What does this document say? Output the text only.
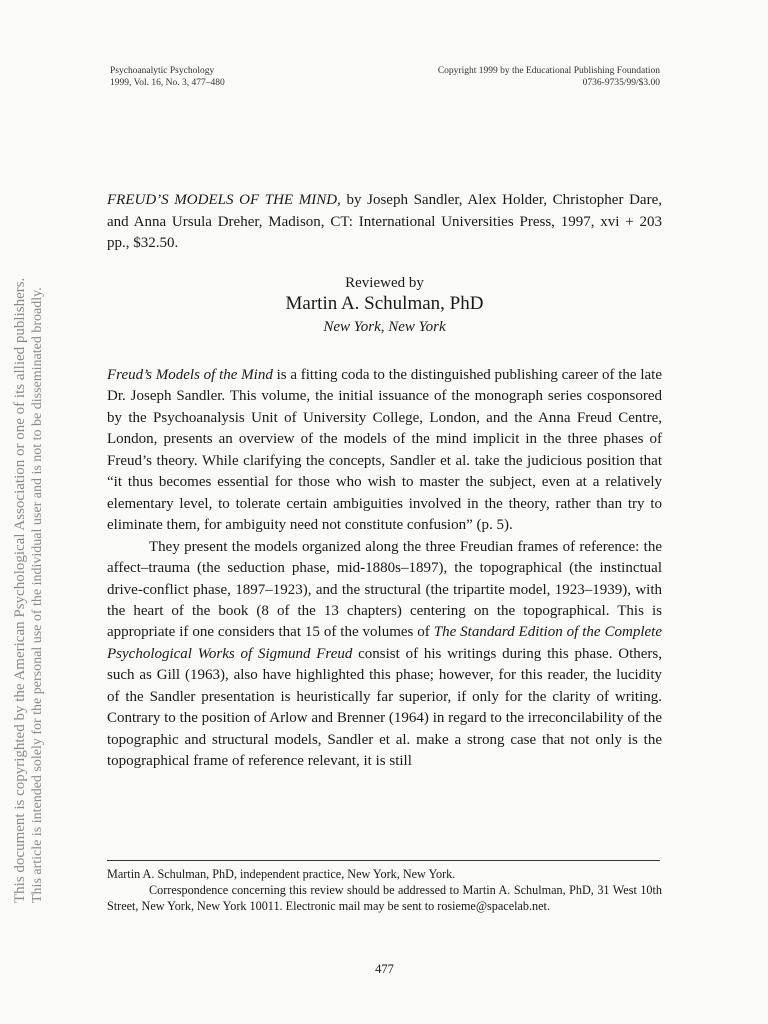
This document is copyrighted by the American Psychological Association or one of its allied publishers. This article is intended solely for the personal use of the individual user and is not to be disseminated broadly.
Psychoanalytic Psychology
1999, Vol. 16, No. 3, 477–480
Copyright 1999 by the Educational Publishing Foundation
0736-9735/99/$3.00
FREUD’S MODELS OF THE MIND, by Joseph Sandler, Alex Holder, Christopher Dare, and Anna Ursula Dreher, Madison, CT: International Universities Press, 1997, xvi + 203 pp., $32.50.
Reviewed by
Martin A. Schulman, PhD
New York, New York

Freud’s Models of the Mind is a fitting coda to the distinguished publishing career of the late Dr. Joseph Sandler. This volume, the initial issuance of the monograph series cosponsored by the Psychoanalysis Unit of University College, London, and the Anna Freud Centre, London, presents an overview of the models of the mind implicit in the three phases of Freud’s theory. While clarifying the concepts, Sandler et al. take the judicious position that “it thus becomes essential for those who wish to master the subject, even at a relatively elementary level, to tolerate certain ambiguities involved in the theory, rather than try to eliminate them, for ambiguity need not constitute confusion” (p. 5).

They present the models organized along the three Freudian frames of reference: the affect–trauma (the seduction phase, mid-1880s–1897), the topographical (the instinctual drive-conflict phase, 1897–1923), and the structural (the tripartite model, 1923–1939), with the heart of the book (8 of the 13 chapters) centering on the topographical. This is appropriate if one considers that 15 of the volumes of The Standard Edition of the Complete Psychological Works of Sigmund Freud consist of his writings during this phase. Others, such as Gill (1963), also have highlighted this phase; however, for this reader, the lucidity of the Sandler presentation is heuristically far superior, if only for the clarity of writing. Contrary to the position of Arlow and Brenner (1964) in regard to the irreconcilability of the topographic and structural models, Sandler et al. make a strong case that not only is the topographical frame of reference relevant, it is still

Martin A. Schulman, PhD, independent practice, New York, New York.

Correspondence concerning this review should be addressed to Martin A. Schulman, PhD, 31 West 10th Street, New York, New York 10011. Electronic mail may be sent to rosieme@spacelab.net.

477
